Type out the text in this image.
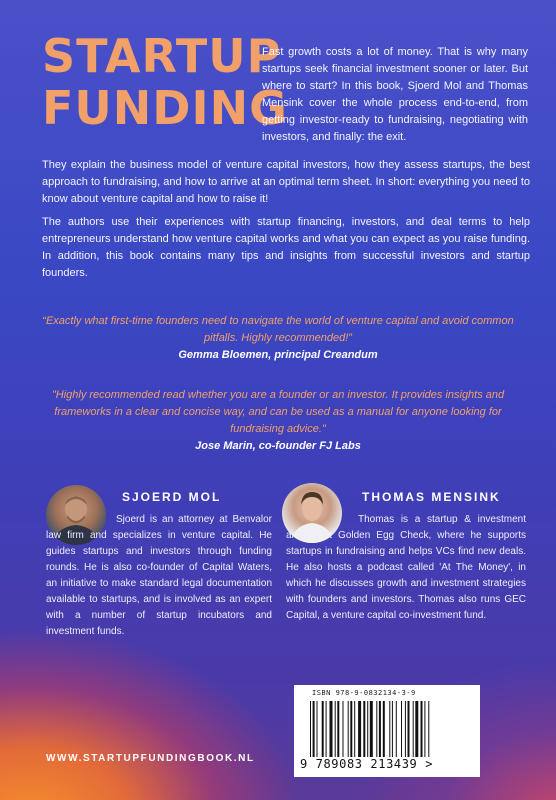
STARTUP
FUNDING

Fast growth costs a lot of money. That is why many startups seek financial investment sooner or later. But where to start? In this book, Sjoerd Mol and Thomas Mensink cover the whole process end-to-end, from getting investor-ready to fundraising, negotiating with investors, and finally: the exit.

They explain the business model of venture capital investors, how they assess startups, the best approach to fundraising, and how to arrive at an optimal term sheet. In short: everything you need to know about venture capital and how to raise it!

The authors use their experiences with startup financing, investors, and deal terms to help entrepreneurs understand how venture capital works and what you can expect as you raise funding. In addition, this book contains many tips and insights from successful investors and startup founders.

“Exactly what first-time founders need to navigate the world of venture capital and avoid common pitfalls. Highly recommended!”

Gemma Bloemen, principal Creandum

"Highly recommended read whether you are a founder or an investor. It provides insights and frameworks in a clear and concise way, and can be used as a manual for anyone looking for fundraising advice."

Jose Marin, co-founder FJ Labs

SJOERD MOL

Sjoerd is an attorney at Benvalor law firm and specializes in venture capital. He guides startups and investors through funding rounds. He is also co-founder of Capital Waters, an initiative to make standard legal documentation available to startups, and is involved as an expert with a number of startup incubators and investment funds.

THOMAS MENSINK

Thomas is a startup & investment analyst at Golden Egg Check, where he supports startups in fundraising and helps VCs find new deals. He also hosts a podcast called 'At The Money', in which he discusses growth and investment strategies with founders and investors. Thomas also runs GEC Capital, a venture capital co-investment fund.

WWW.STARTUPFUNDINGBOOK.NL

ISBN 978-9-0832134-3-9

9 789083 213439 >
